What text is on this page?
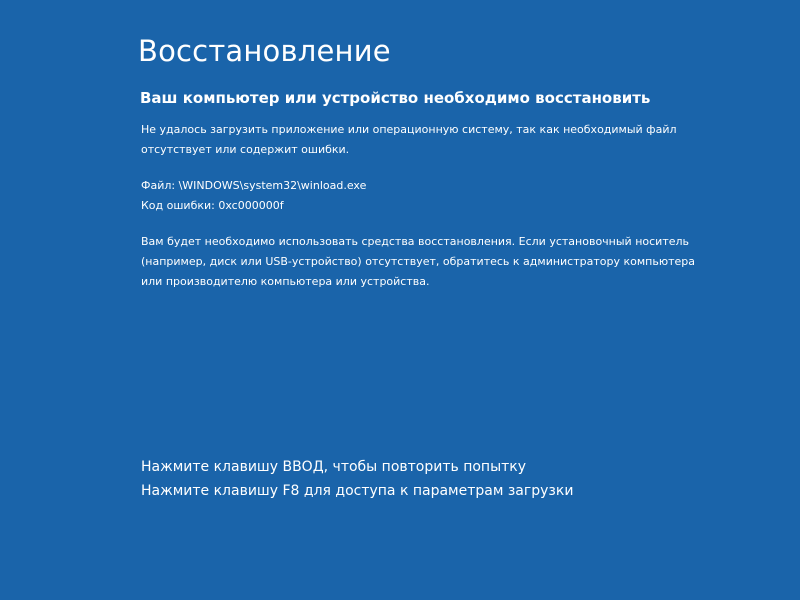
Восстановление
Ваш компьютер или устройство необходимо восстановить

Не удалось загрузить приложение или операционную систему, так как необходимый файл
отсутствует или содержит ошибки.

Файл: \WINDOWS\system32\winload.exe
Код ошибки: 0xc000000f

Вам будет необходимо использовать средства восстановления. Если установочный носитель
(например, диск или USB-устройство) отсутствует, обратитесь к администратору компьютера
или производителю компьютера или устройства.

Нажмите клавишу ВВОД, чтобы повторить попытку

Нажмите клавишу F8 для доступа к параметрам загрузки
